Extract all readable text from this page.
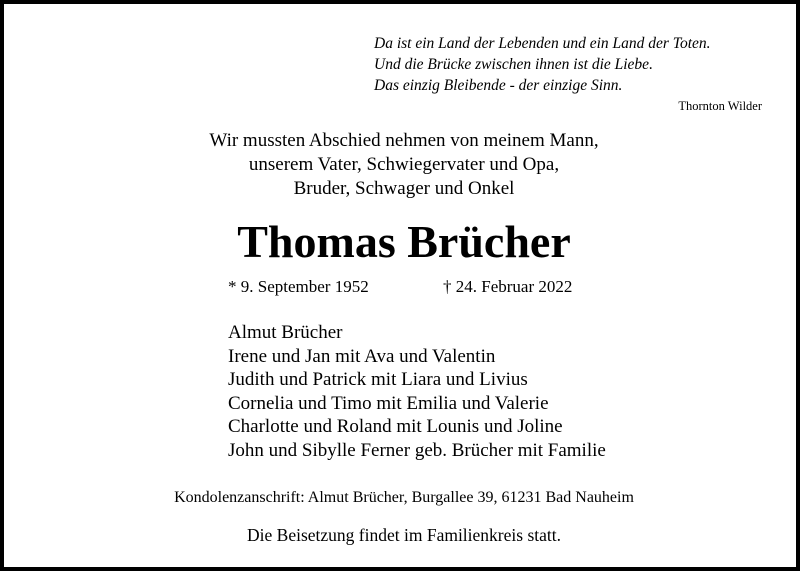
Da ist ein Land der Lebenden und ein Land der Toten.
Und die Brücke zwischen ihnen ist die Liebe.
Das einzig Bleibende - der einzige Sinn.
Thornton Wilder
Wir mussten Abschied nehmen von meinem Mann,
unserem Vater, Schwiegervater und Opa,
Bruder, Schwager und Onkel
Thomas Brücher
* 9. September 1952	† 24. Februar 2022
Almut Brücher
Irene und Jan mit Ava und Valentin
Judith und Patrick mit Liara und Livius
Cornelia und Timo mit Emilia und Valerie
Charlotte und Roland mit Lounis und Joline
John und Sibylle Ferner geb. Brücher mit Familie
Kondolenzanschrift: Almut Brücher, Burgallee 39, 61231 Bad Nauheim
Die Beisetzung findet im Familienkreis statt.
